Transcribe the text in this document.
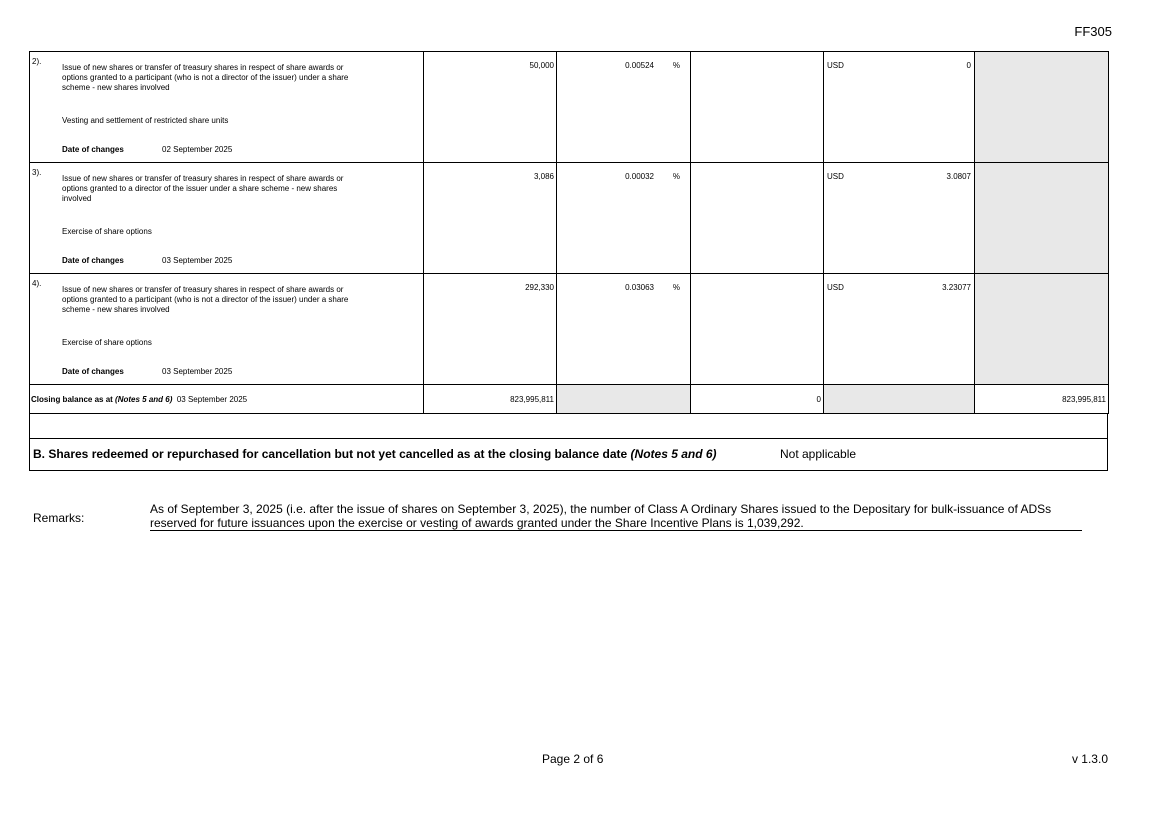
FF305
2).
Issue of new shares or transfer of treasury shares in respect of share awards or options granted to a participant (who is not a director of the issuer) under a share scheme - new shares involved
Vesting and settlement of restricted share units
Date of changes 02 September 2025	50,000	0.00524 %		USD 0	

3).
Issue of new shares or transfer of treasury shares in respect of share awards or options granted to a director of the issuer under a share scheme - new shares involved
Exercise of share options
Date of changes 03 September 2025	3,086	0.00032 %		USD 3.0807	

4).
Issue of new shares or transfer of treasury shares in respect of share awards or options granted to a participant (who is not a director of the issuer) under a share scheme - new shares involved
Exercise of share options
Date of changes 03 September 2025	292,330	0.03063 %		USD 3.23077	

Closing balance as at (Notes 5 and 6) 03 September 2025	823,995,811		0		823,995,811
B. Shares redeemed or repurchased for cancellation but not yet cancelled as at the closing balance date (Notes 5 and 6)	Not applicable
Remarks:
As of September 3, 2025 (i.e. after the issue of shares on September 3, 2025), the number of Class A Ordinary Shares issued to the Depositary for bulk-issuance of ADSs reserved for future issuances upon the exercise or vesting of awards granted under the Share Incentive Plans is 1,039,292.
Page 2 of 6	v 1.3.0
